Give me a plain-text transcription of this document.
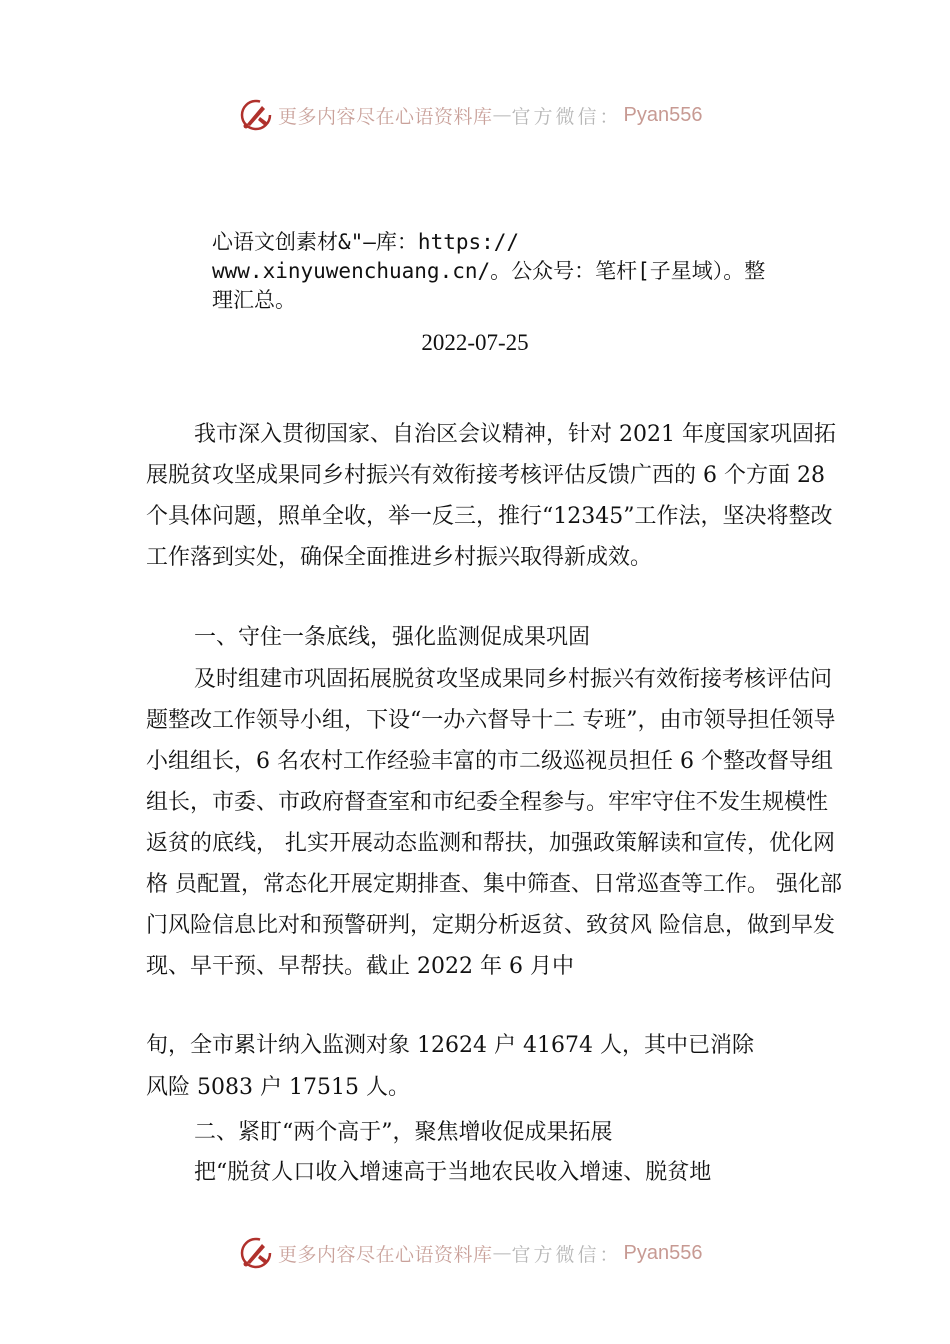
更多内容尽在心语资料库 — 官方微信： Pyan556
心语文创素材&"—库：https://
www.xinyuwenchuang.cn/。公众号：笔杆[子星域）。整
理汇总。
2022-07-25

我市深入贯彻国家、自治区会议精神，针对 2021 年度国家巩固拓展脱贫攻坚成果同乡村振兴有效衔接考核评估反馈广西的 6 个方面 28 个具体问题，照单全收，举一反三，推行“12345”工作法，坚决将整改工作落到实处，确保全面推进乡村振兴取得新成效。

一、守住一条底线，强化监测促成果巩固

及时组建市巩固拓展脱贫攻坚成果同乡村振兴有效衔接考核评估问题整改工作领导小组，下设“一办六督导十二 专班”，由市领导担任领导小组组长，6 名农村工作经验丰富的市二级巡视员担任 6 个整改督导组组长，市委、市政府督查室和市纪委全程参与。牢牢守住不发生规模性返贫的底线， 扎实开展动态监测和帮扶，加强政策解读和宣传，优化网格 员配置，常态化开展定期排查、集中筛查、日常巡查等工作。 强化部门风险信息比对和预警研判，定期分析返贫、致贫风 险信息，做到早发现、早干预、早帮扶。截止 2022 年 6 月中

旬，全市累计纳入监测对象 12624 户 41674 人，其中已消除

风险 5083 户 17515 人。

二、紧盯“两个高于”，聚焦增收促成果拓展

把“脱贫人口收入增速高于当地农民收入增速、脱贫地

更多内容尽在心语资料库 — 官方微信： Pyan556
